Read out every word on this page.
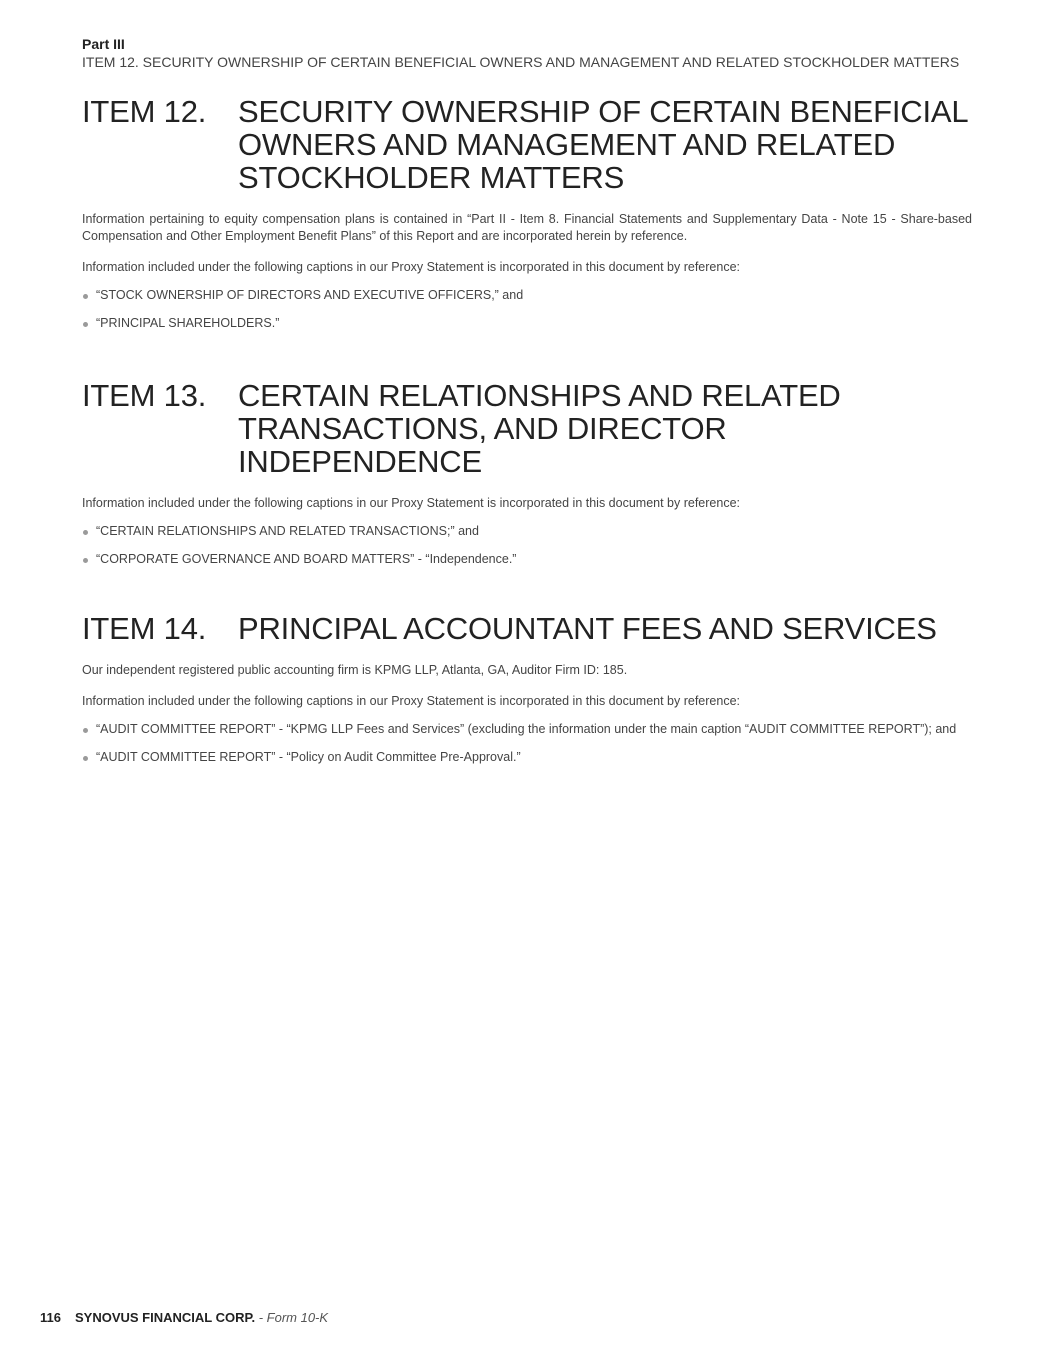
Part III
ITEM 12. SECURITY OWNERSHIP OF CERTAIN BENEFICIAL OWNERS AND MANAGEMENT AND RELATED STOCKHOLDER MATTERS
ITEM 12.	SECURITY OWNERSHIP OF CERTAIN BENEFICIAL OWNERS AND MANAGEMENT AND RELATED STOCKHOLDER MATTERS

Information pertaining to equity compensation plans is contained in “Part II - Item 8. Financial Statements and Supplementary Data - Note 15 - Share-based Compensation and Other Employment Benefit Plans” of this Report and are incorporated herein by reference.

Information included under the following captions in our Proxy Statement is incorporated in this document by reference:

“STOCK OWNERSHIP OF DIRECTORS AND EXECUTIVE OFFICERS,” and
“PRINCIPAL SHAREHOLDERS.”
ITEM 13.	CERTAIN RELATIONSHIPS AND RELATED TRANSACTIONS, AND DIRECTOR INDEPENDENCE

Information included under the following captions in our Proxy Statement is incorporated in this document by reference:

“CERTAIN RELATIONSHIPS AND RELATED TRANSACTIONS;” and
“CORPORATE GOVERNANCE AND BOARD MATTERS” - “Independence.”
ITEM 14.	PRINCIPAL ACCOUNTANT FEES AND SERVICES

Our independent registered public accounting firm is KPMG LLP, Atlanta, GA, Auditor Firm ID: 185.

Information included under the following captions in our Proxy Statement is incorporated in this document by reference:

“AUDIT COMMITTEE REPORT” - “KPMG LLP Fees and Services” (excluding the information under the main caption “AUDIT COMMITTEE REPORT”); and
“AUDIT COMMITTEE REPORT” - “Policy on Audit Committee Pre-Approval.”
116 SYNOVUS FINANCIAL CORP. - Form 10-K
